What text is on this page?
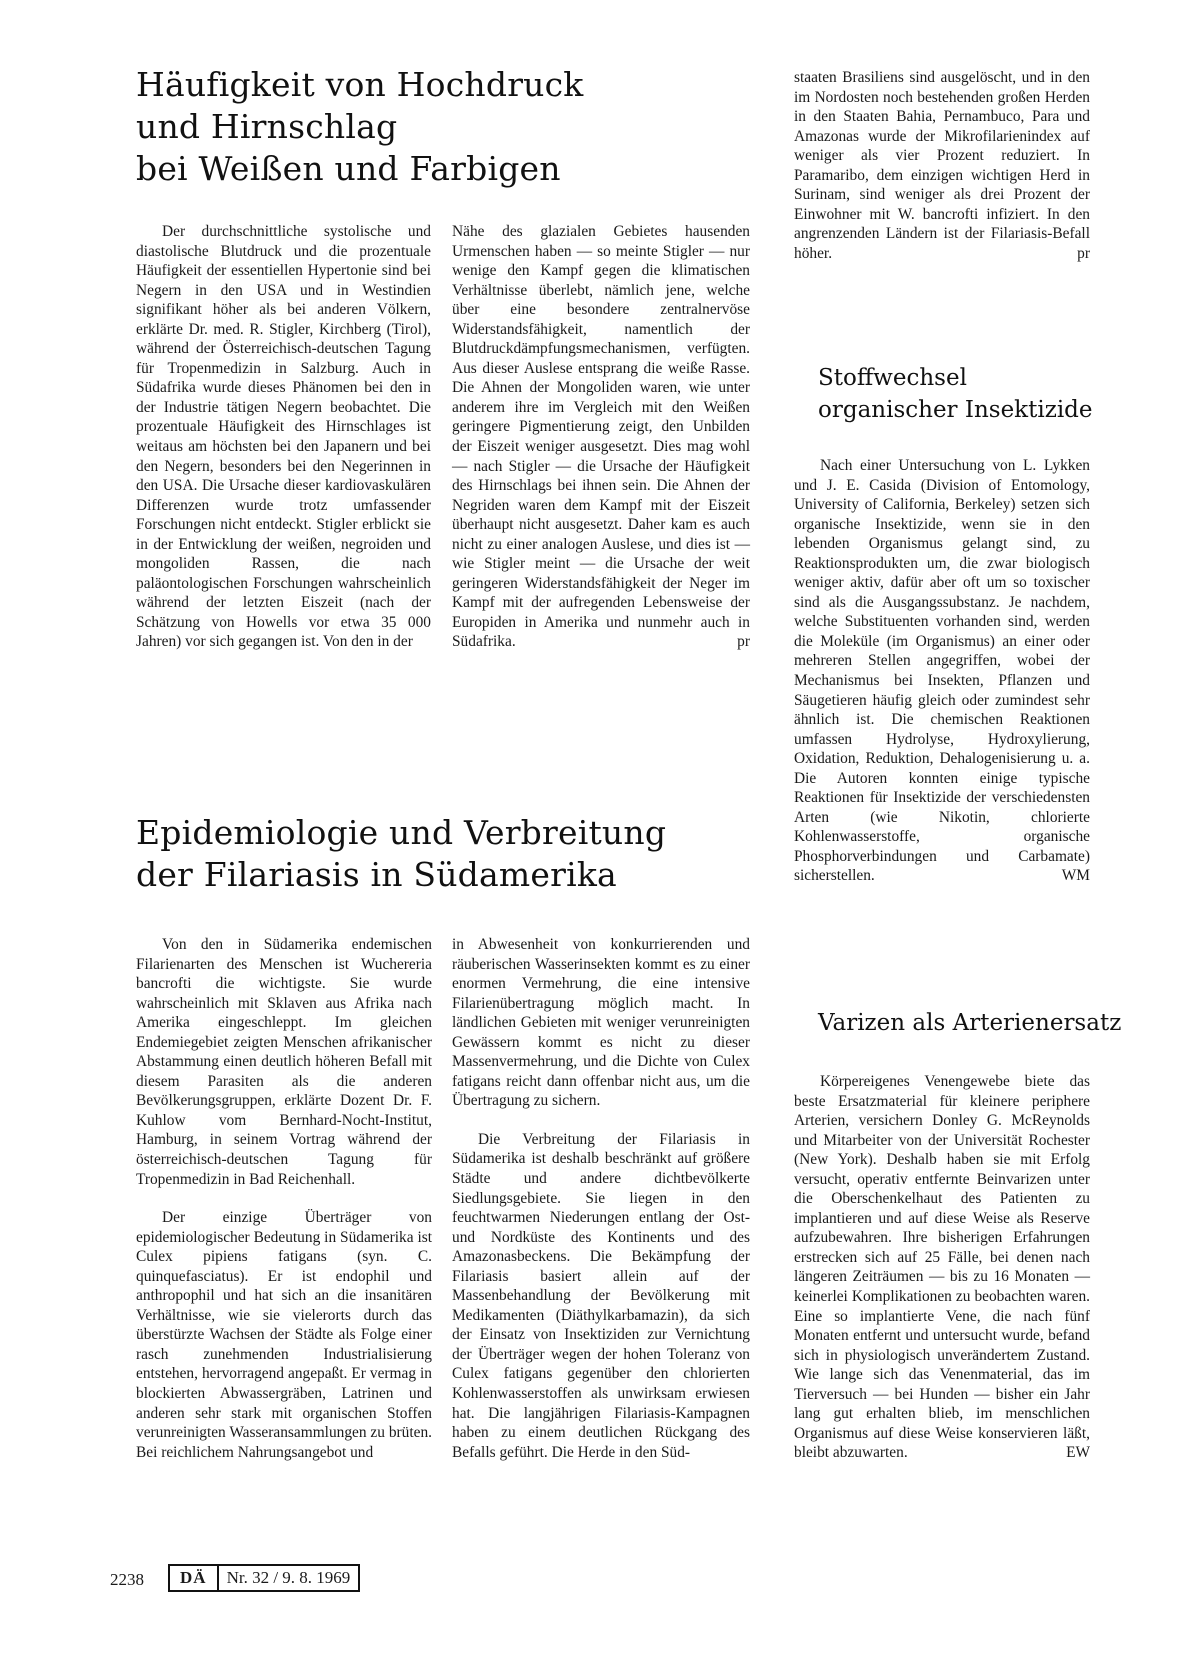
Häufigkeit von Hochdruck
und Hirnschlag
bei Weißen und Farbigen

Der durchschnittliche systolische und diastolische Blutdruck und die prozentuale Häufigkeit der essentiellen Hypertonie sind bei Negern in den USA und in Westindien signifikant höher als bei anderen Völkern, erklärte Dr. med. R. Stigler, Kirchberg (Tirol), während der Österreichisch-deutschen Tagung für Tropenmedizin in Salzburg. Auch in Südafrika wurde dieses Phänomen bei den in der Industrie tätigen Negern beobachtet. Die prozentuale Häufigkeit des Hirnschlages ist weitaus am höchsten bei den Japanern und bei den Negern, besonders bei den Negerinnen in den USA. Die Ursache dieser kardiovaskulären Differenzen wurde trotz umfassender Forschungen nicht entdeckt. Stigler erblickt sie in der Entwicklung der weißen, negroiden und mongoliden Rassen, die nach paläontologischen Forschungen wahrscheinlich während der letzten Eiszeit (nach der Schätzung von Howells vor etwa 35 000 Jahren) vor sich gegangen ist. Von den in der

Nähe des glazialen Gebietes hausenden Urmenschen haben — so meinte Stigler — nur wenige den Kampf gegen die klimatischen Verhältnisse überlebt, nämlich jene, welche über eine besondere zentralnervöse Widerstandsfähigkeit, namentlich der Blutdruckdämpfungsmechanismen, verfügten. Aus dieser Auslese entsprang die weiße Rasse. Die Ahnen der Mongoliden waren, wie unter anderem ihre im Vergleich mit den Weißen geringere Pigmentierung zeigt, den Unbilden der Eiszeit weniger ausgesetzt. Dies mag wohl — nach Stigler — die Ursache der Häufigkeit des Hirnschlags bei ihnen sein. Die Ahnen der Negriden waren dem Kampf mit der Eiszeit überhaupt nicht ausgesetzt. Daher kam es auch nicht zu einer analogen Auslese, und dies ist — wie Stigler meint — die Ursache der weit geringeren Widerstandsfähigkeit der Neger im Kampf mit der aufregenden Lebensweise der Europiden in Amerika und nunmehr auch in Südafrika.	pr

Epidemiologie und Verbreitung
der Filariasis in Südamerika

Von den in Südamerika endemischen Filarienarten des Menschen ist Wuchereria bancrofti die wichtigste. Sie wurde wahrscheinlich mit Sklaven aus Afrika nach Amerika eingeschleppt. Im gleichen Endemiegebiet zeigten Menschen afrikanischer Abstammung einen deutlich höheren Befall mit diesem Parasiten als die anderen Bevölkerungsgruppen, erklärte Dozent Dr. F. Kuhlow vom Bernhard-Nocht-Institut, Hamburg, in seinem Vortrag während der österreichisch-deutschen Tagung für Tropenmedizin in Bad Reichenhall.

Der einzige Überträger von epidemiologischer Bedeutung in Südamerika ist Culex pipiens fatigans (syn. C. quinquefasciatus). Er ist endophil und anthropophil und hat sich an die insanitären Verhältnisse, wie sie vielerorts durch das überstürzte Wachsen der Städte als Folge einer rasch zunehmenden Industrialisierung entstehen, hervorragend angepaßt. Er vermag in blockierten Abwassergräben, Latrinen und anderen sehr stark mit organischen Stoffen verunreinigten Wasseransammlungen zu brüten. Bei reichlichem Nahrungsangebot und

in Abwesenheit von konkurrierenden und räuberischen Wasserinsekten kommt es zu einer enormen Vermehrung, die eine intensive Filarienübertragung möglich macht. In ländlichen Gebieten mit weniger verunreinigten Gewässern kommt es nicht zu dieser Massenvermehrung, und die Dichte von Culex fatigans reicht dann offenbar nicht aus, um die Übertragung zu sichern.

Die Verbreitung der Filariasis in Südamerika ist deshalb beschränkt auf größere Städte und andere dichtbevölkerte Siedlungsgebiete. Sie liegen in den feuchtwarmen Niederungen entlang der Ost- und Nordküste des Kontinents und des Amazonasbeckens. Die Bekämpfung der Filariasis basiert allein auf der Massenbehandlung der Bevölkerung mit Medikamenten (Diäthylkarbamazin), da sich der Einsatz von Insektiziden zur Vernichtung der Überträger wegen der hohen Toleranz von Culex fatigans gegenüber den chlorierten Kohlenwasserstoffen als unwirksam erwiesen hat. Die langjährigen Filariasis-Kampagnen haben zu einem deutlichen Rückgang des Befalls geführt. Die Herde in den Süd-

staaten Brasiliens sind ausgelöscht, und in den im Nordosten noch bestehenden großen Herden in den Staaten Bahia, Pernambuco, Para und Amazonas wurde der Mikrofilarienindex auf weniger als vier Prozent reduziert. In Paramaribo, dem einzigen wichtigen Herd in Surinam, sind weniger als drei Prozent der Einwohner mit W. bancrofti infiziert. In den angrenzenden Ländern ist der Filariasis-Befall höher.	pr

Stoffwechsel
organischer Insektizide

Nach einer Untersuchung von L. Lykken und J. E. Casida (Division of Entomology, University of California, Berkeley) setzen sich organische Insektizide, wenn sie in den lebenden Organismus gelangt sind, zu Reaktionsprodukten um, die zwar biologisch weniger aktiv, dafür aber oft um so toxischer sind als die Ausgangssubstanz. Je nachdem, welche Substituenten vorhanden sind, werden die Moleküle (im Organismus) an einer oder mehreren Stellen angegriffen, wobei der Mechanismus bei Insekten, Pflanzen und Säugetieren häufig gleich oder zumindest sehr ähnlich ist. Die chemischen Reaktionen umfassen Hydrolyse, Hydroxylierung, Oxidation, Reduktion, Dehalogenisierung u. a. Die Autoren konnten einige typische Reaktionen für Insektizide der verschiedensten Arten (wie Nikotin, chlorierte Kohlenwasserstoffe, organische Phosphorverbindungen und Carbamate) sicherstellen.	WM

Varizen als Arterienersatz

Körpereigenes Venengewebe biete das beste Ersatzmaterial für kleinere periphere Arterien, versichern Donley G. McReynolds und Mitarbeiter von der Universität Rochester (New York). Deshalb haben sie mit Erfolg versucht, operativ entfernte Beinvarizen unter die Oberschenkelhaut des Patienten zu implantieren und auf diese Weise als Reserve aufzubewahren. Ihre bisherigen Erfahrungen erstrecken sich auf 25 Fälle, bei denen nach längeren Zeiträumen — bis zu 16 Monaten — keinerlei Komplikationen zu beobachten waren. Eine so implantierte Vene, die nach fünf Monaten entfernt und untersucht wurde, befand sich in physiologisch unverändertem Zustand. Wie lange sich das Venenmaterial, das im Tierversuch — bei Hunden — bisher ein Jahr lang gut erhalten blieb, im menschlichen Organismus auf diese Weise konservieren läßt, bleibt abzuwarten.	EW

2238	DÄ	Nr. 32 / 9. 8. 1969
